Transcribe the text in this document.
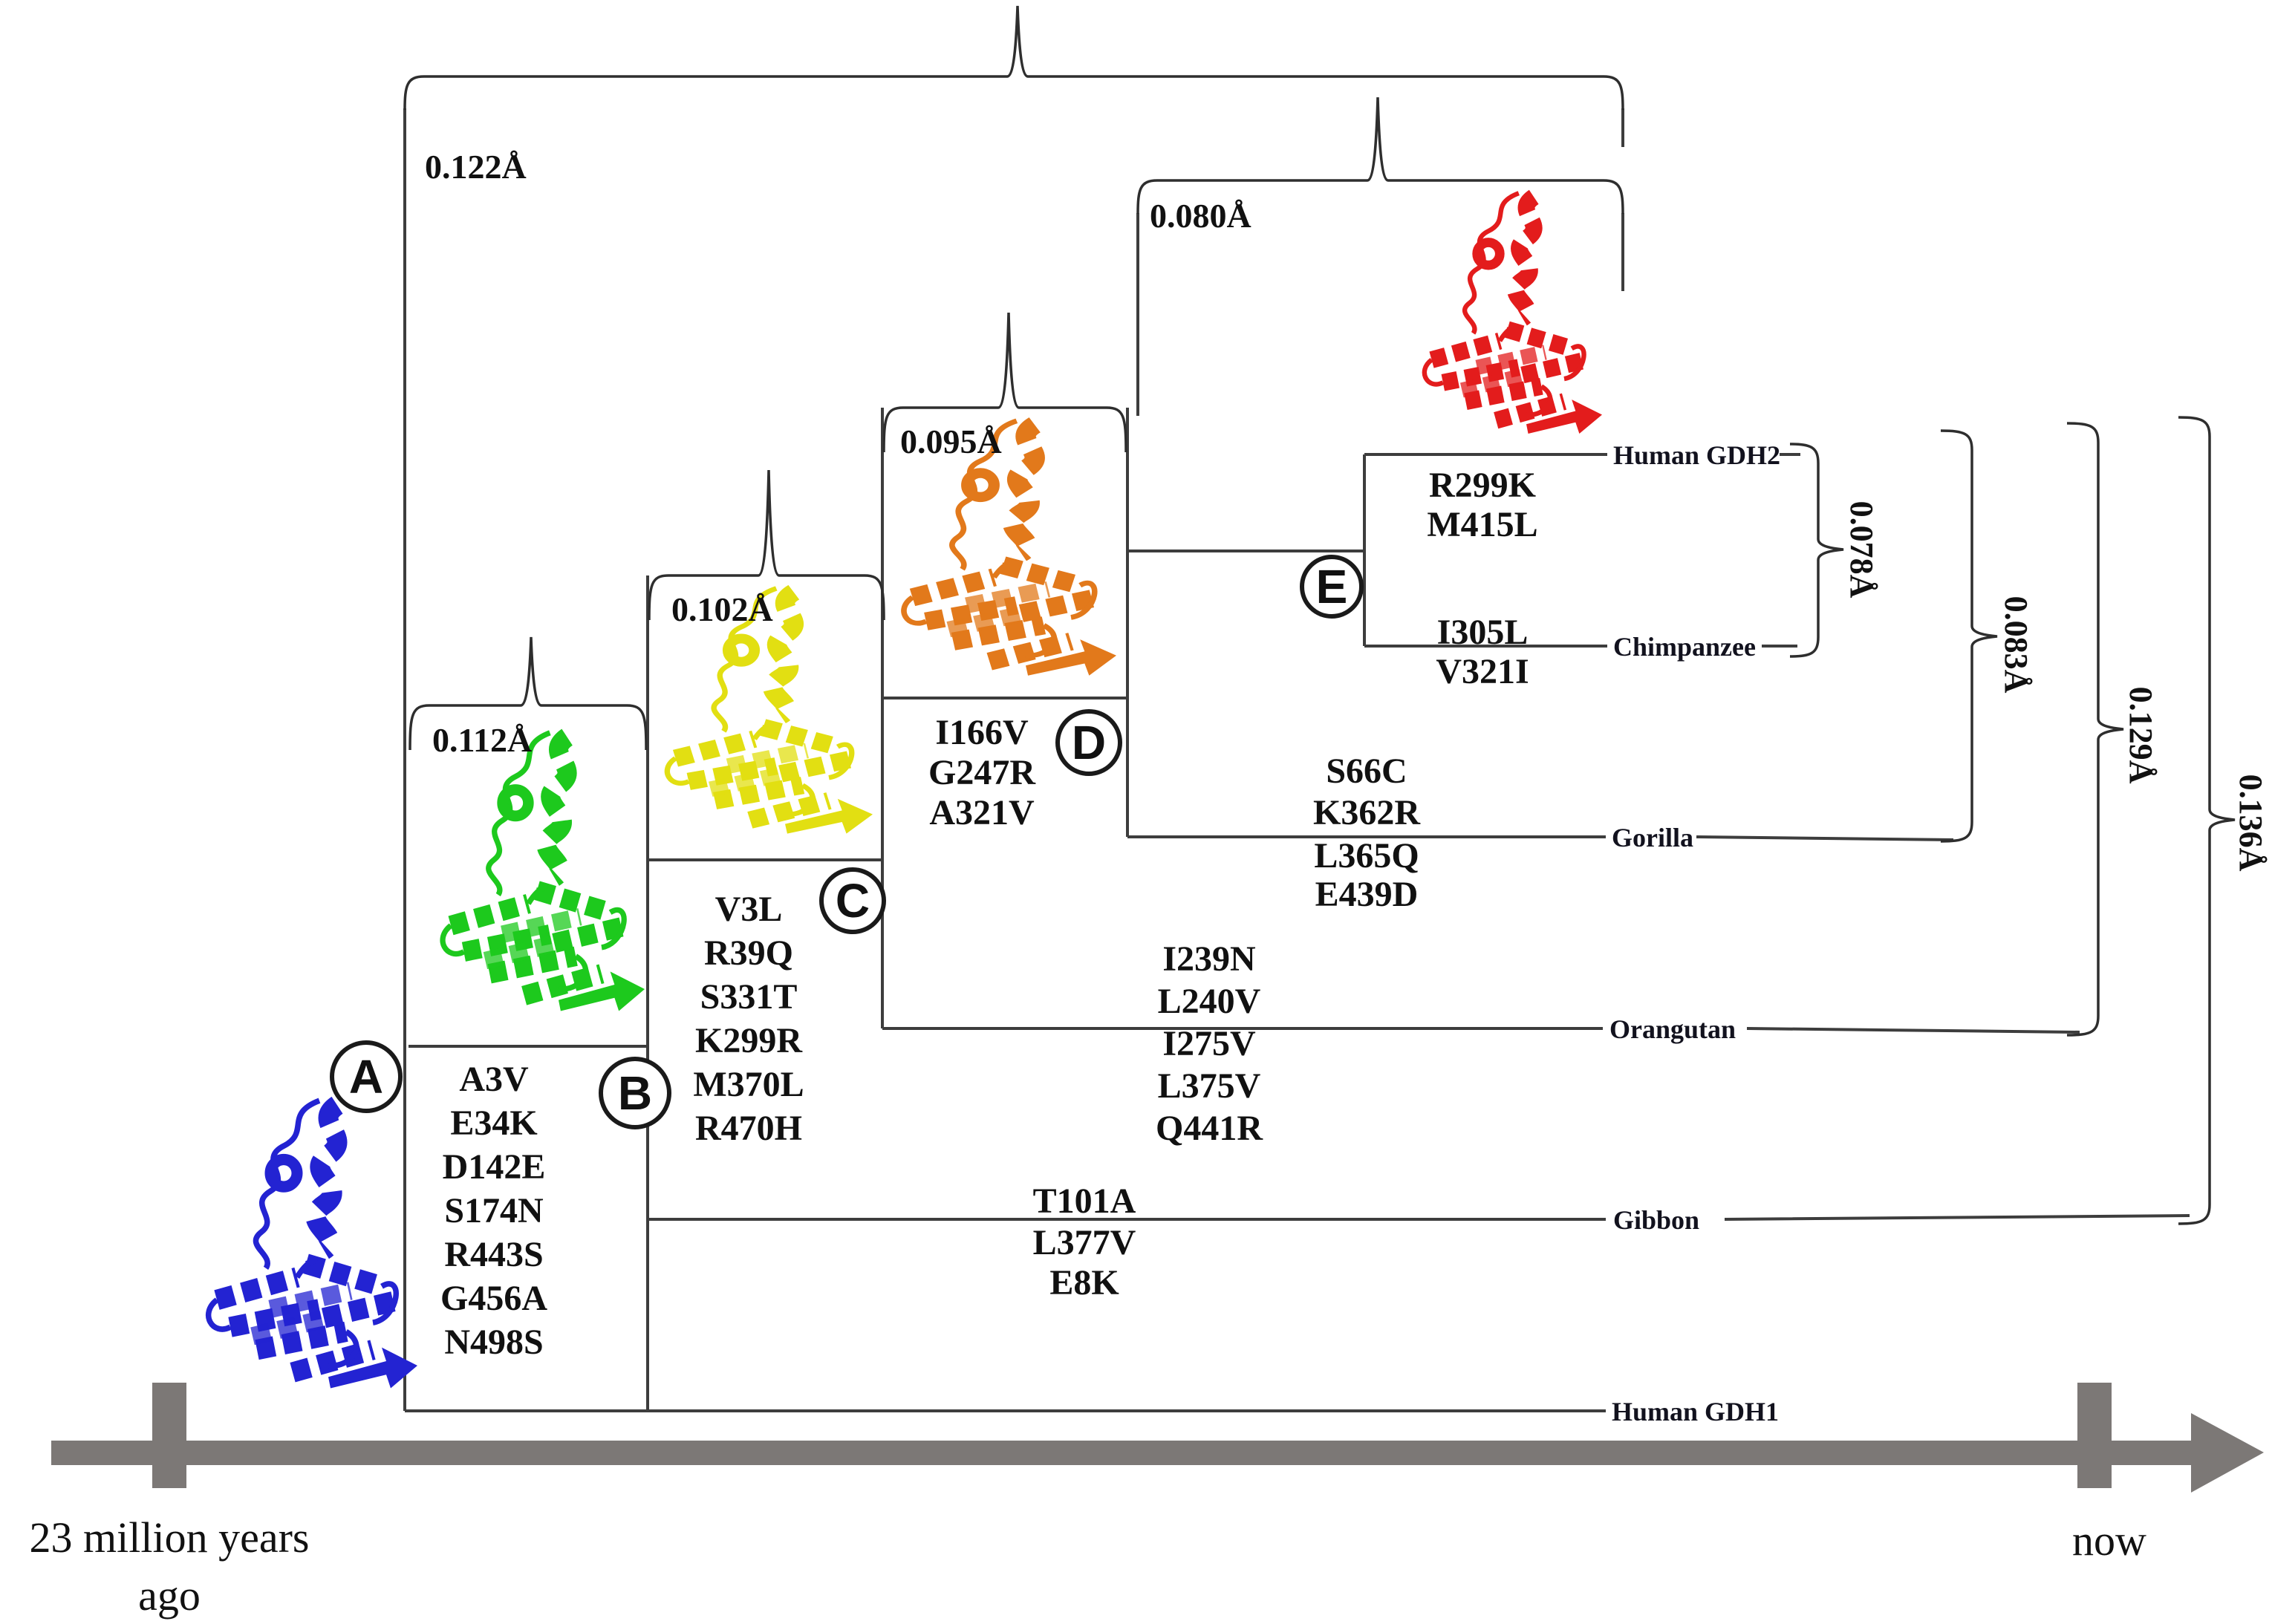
0.122Å
0.080Å
0.095Å
0.102Å
0.112Å
0.078Å
0.083Å
0.129Å
0.136Å
A	B
C
D
E
A3V
E34K
D142E
S174N
R443S
G456A
N498S
V3L
R39Q
S331T
K299R
M370L
R470H
I166V
G247R
A321V
R299K
M415L
I305L
V321I
S66C
K362R
L365Q
E439D
I239N
L240V
I275V
L375V
Q441R
T101A
L377V
E8K
Human GDH2
Chimpanzee
Gorilla
Orangutan
Gibbon
Human GDH1
23 million years
ago
now
